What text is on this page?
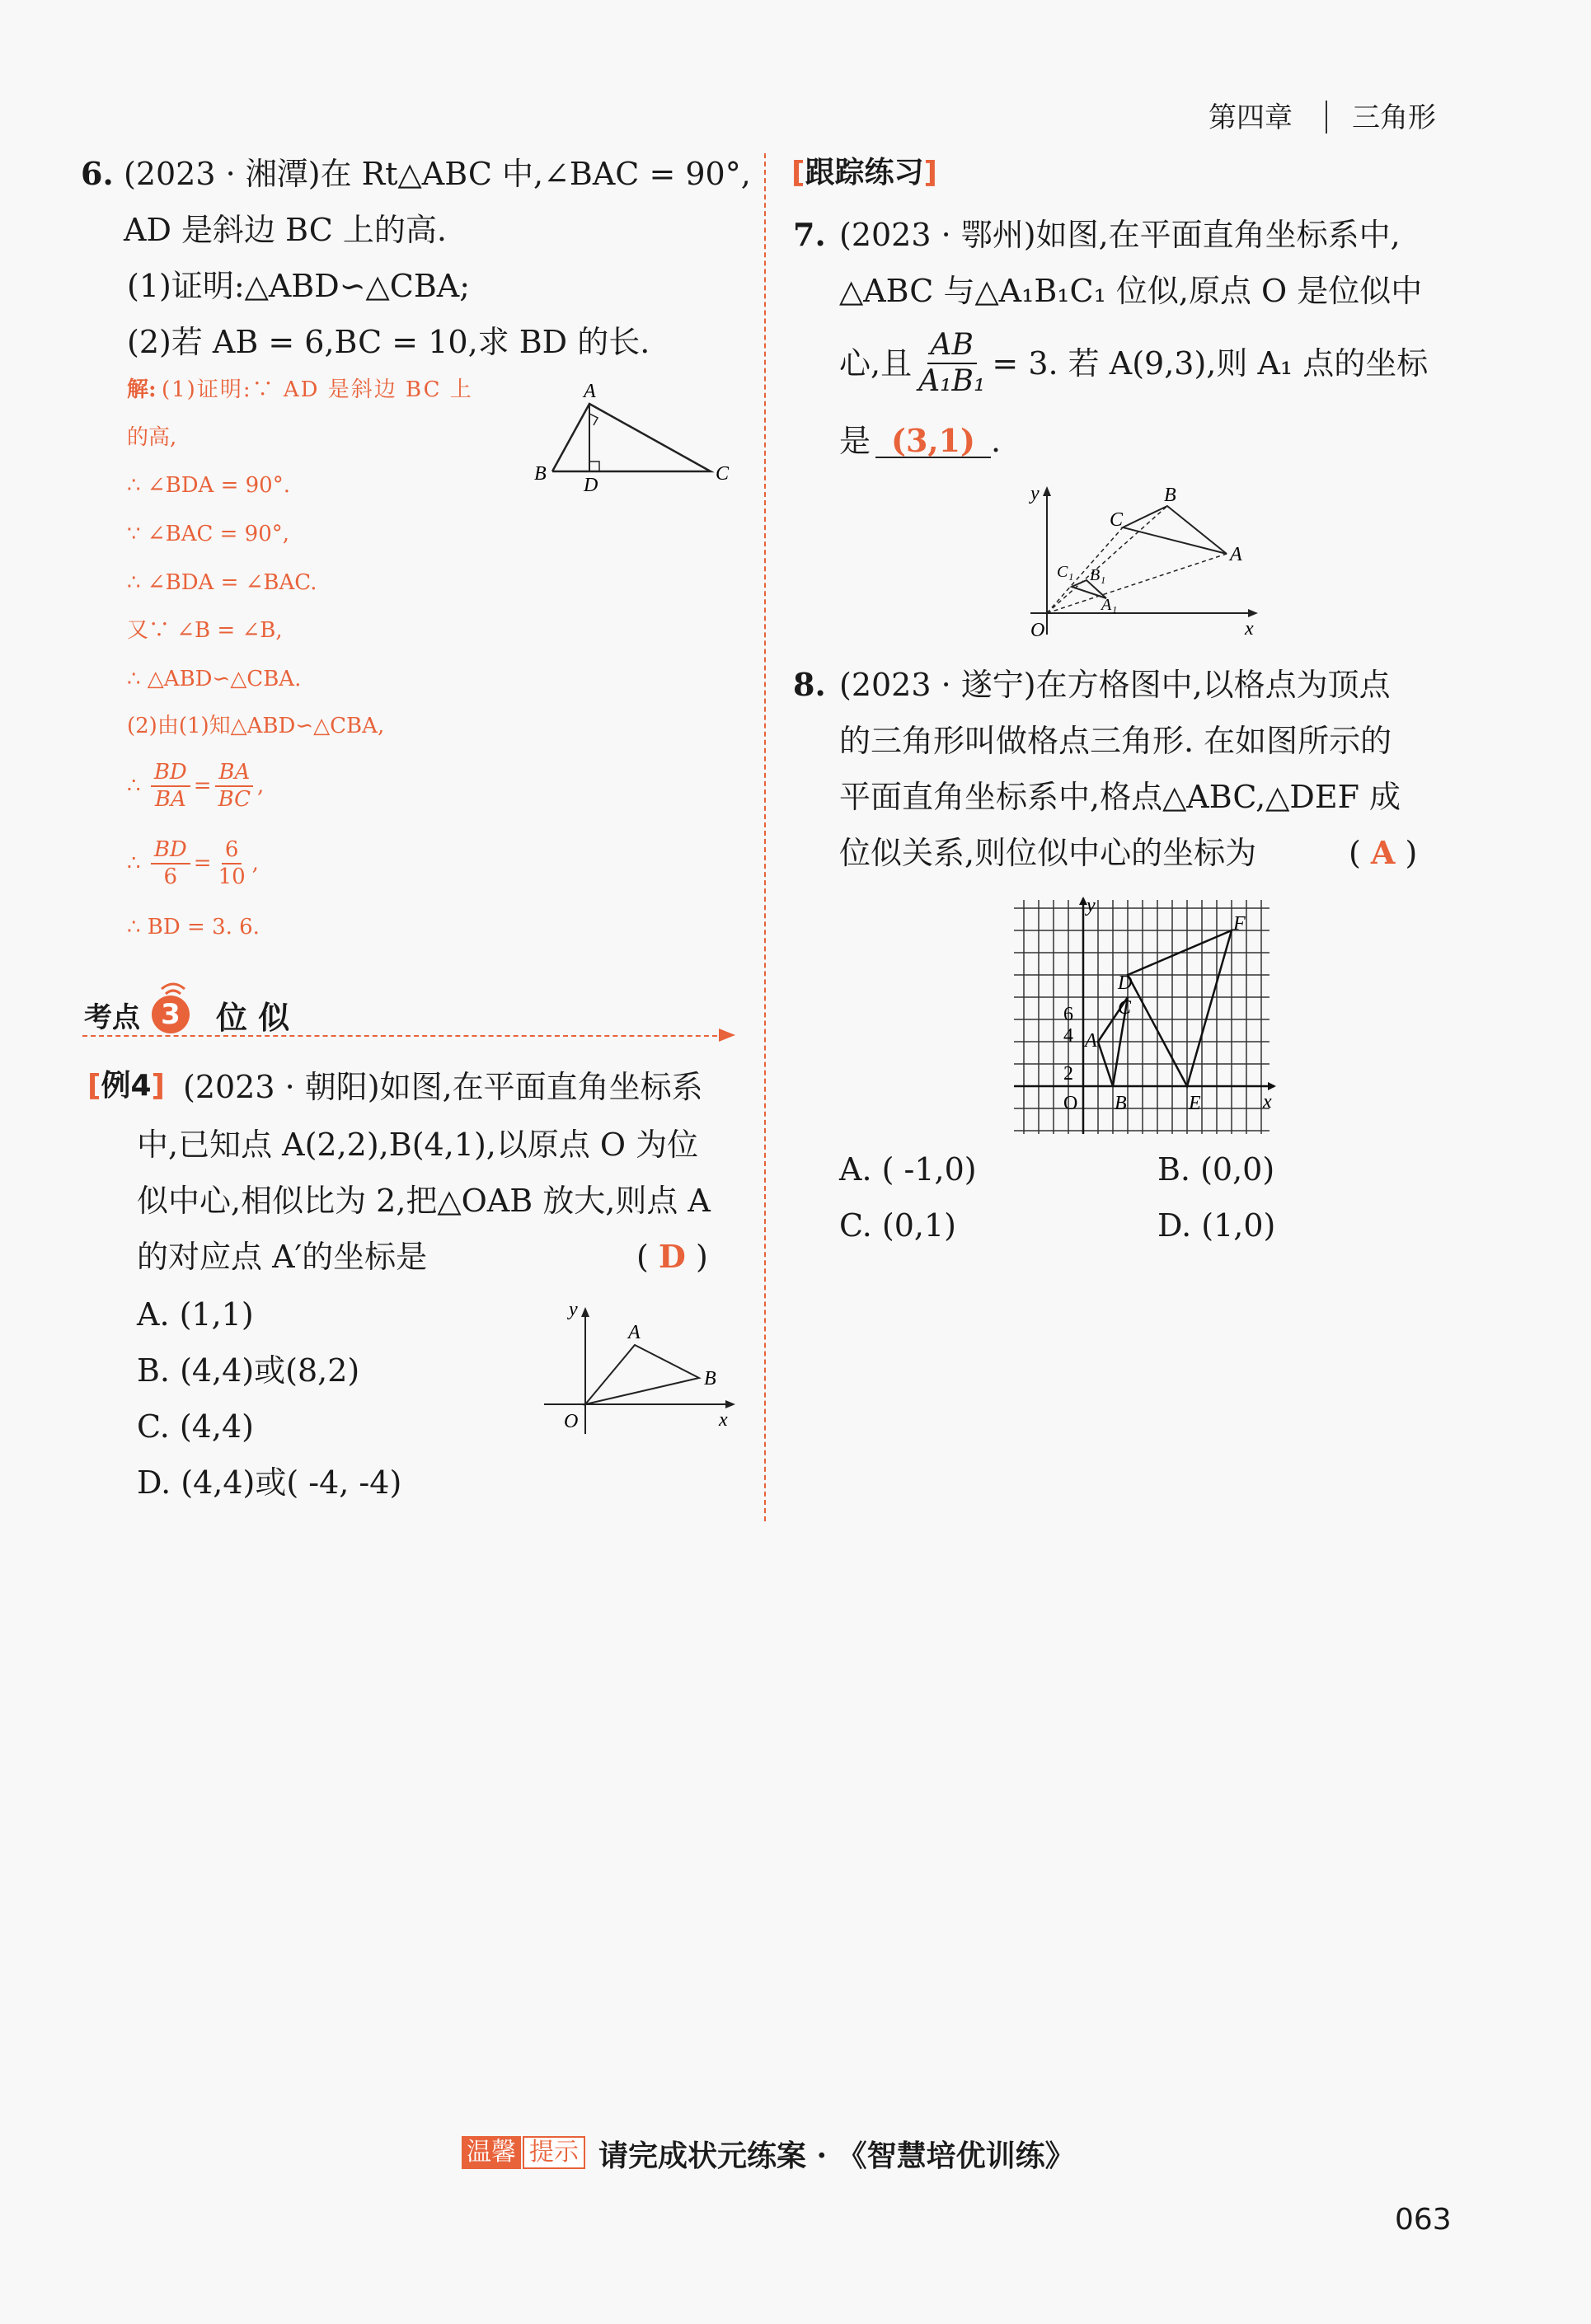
第四章 三角形
6. (2023 · 湘潭)在 Rt△ABC 中,∠BAC = 90°,
AD 是斜边 BC 上的高.
(1)证明:△ABD∽△CBA;
(2)若 AB = 6,BC = 10,求 BD 的长.
解: (1)证明:∵ AD 是斜边 BC 上
的高,
∴ ∠BDA = 90°.
∵ ∠BAC = 90°,
∴ ∠BDA = ∠BAC.
又∵ ∠B = ∠B,
∴ △ABD∽△CBA.
(2)由(1)知△ABD∽△CBA,
∴ $\frac{BD}{BA} = \frac{BA}{BC}$ ,
∴ $\frac{BD}{6} = \frac{6}{10}$ ,
∴ BD = 3. 6.
A
B	C
D
考点 3 位 似
[例4] (2023 · 朝阳)如图,在平面直角坐标系
中,已知点 A(2,2),B(4,1),以原点 O 为位
似中心,相似比为 2,把△OAB 放大,则点 A
的对应点 A′的坐标是	( D )
A. (1,1)
B. (4,4)或(8,2)
C. (4,4)
D. (4,4)或( -4, -4)
y
x
O
A
B
[跟踪练习]
7. (2023 · 鄂州)如图,在平面直角坐标系中,
△ABC 与△A₁B₁C₁ 位似,原点 O 是位似中
心,且 $\frac{AB}{\text{A₁B₁}} = 3$. 若 A(9,3),则 A₁ 点的坐标
是 (3,1) .
y
x
O
A
B
C
A₁
B₁
C₁
8. (2023 · 遂宁)在方格图中,以格点为顶点
的三角形叫做格点三角形. 在如图所示的
平面直角坐标系中,格点△ABC,△DEF 成
位似关系,则位似中心的坐标为	( A )
6
4
2
O
y
x
A
B
C
D
E
F
A. ( -1,0)	B. (0,0)
C. (0,1)	D. (1,0)
温馨 提示 请完成状元练案 · 《智慧培优训练》
063
